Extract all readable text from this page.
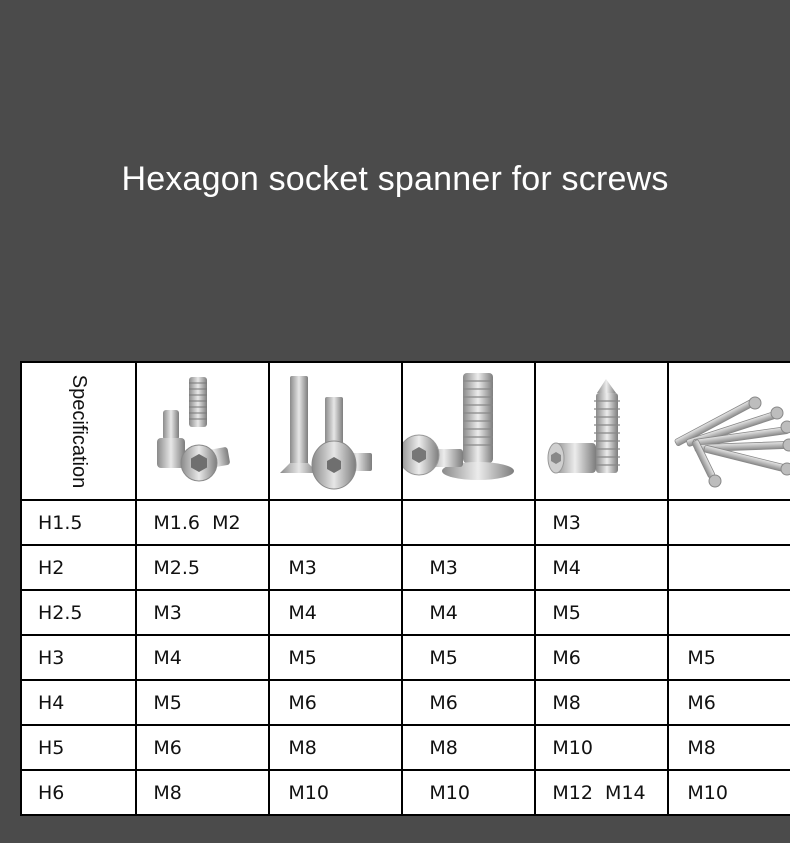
Hexagon socket spanner for screws
Specification

H1.5	M1.6  M2			M3	

H2	M2.5	M3	M3	M4	

H2.5	M3	M4	M4	M5	

H3	M4	M5	M5	M6	M5

H4	M5	M6	M6	M8	M6

H5	M6	M8	M8	M10	M8

H6	M8	M10	M10	M12  M14	M10
